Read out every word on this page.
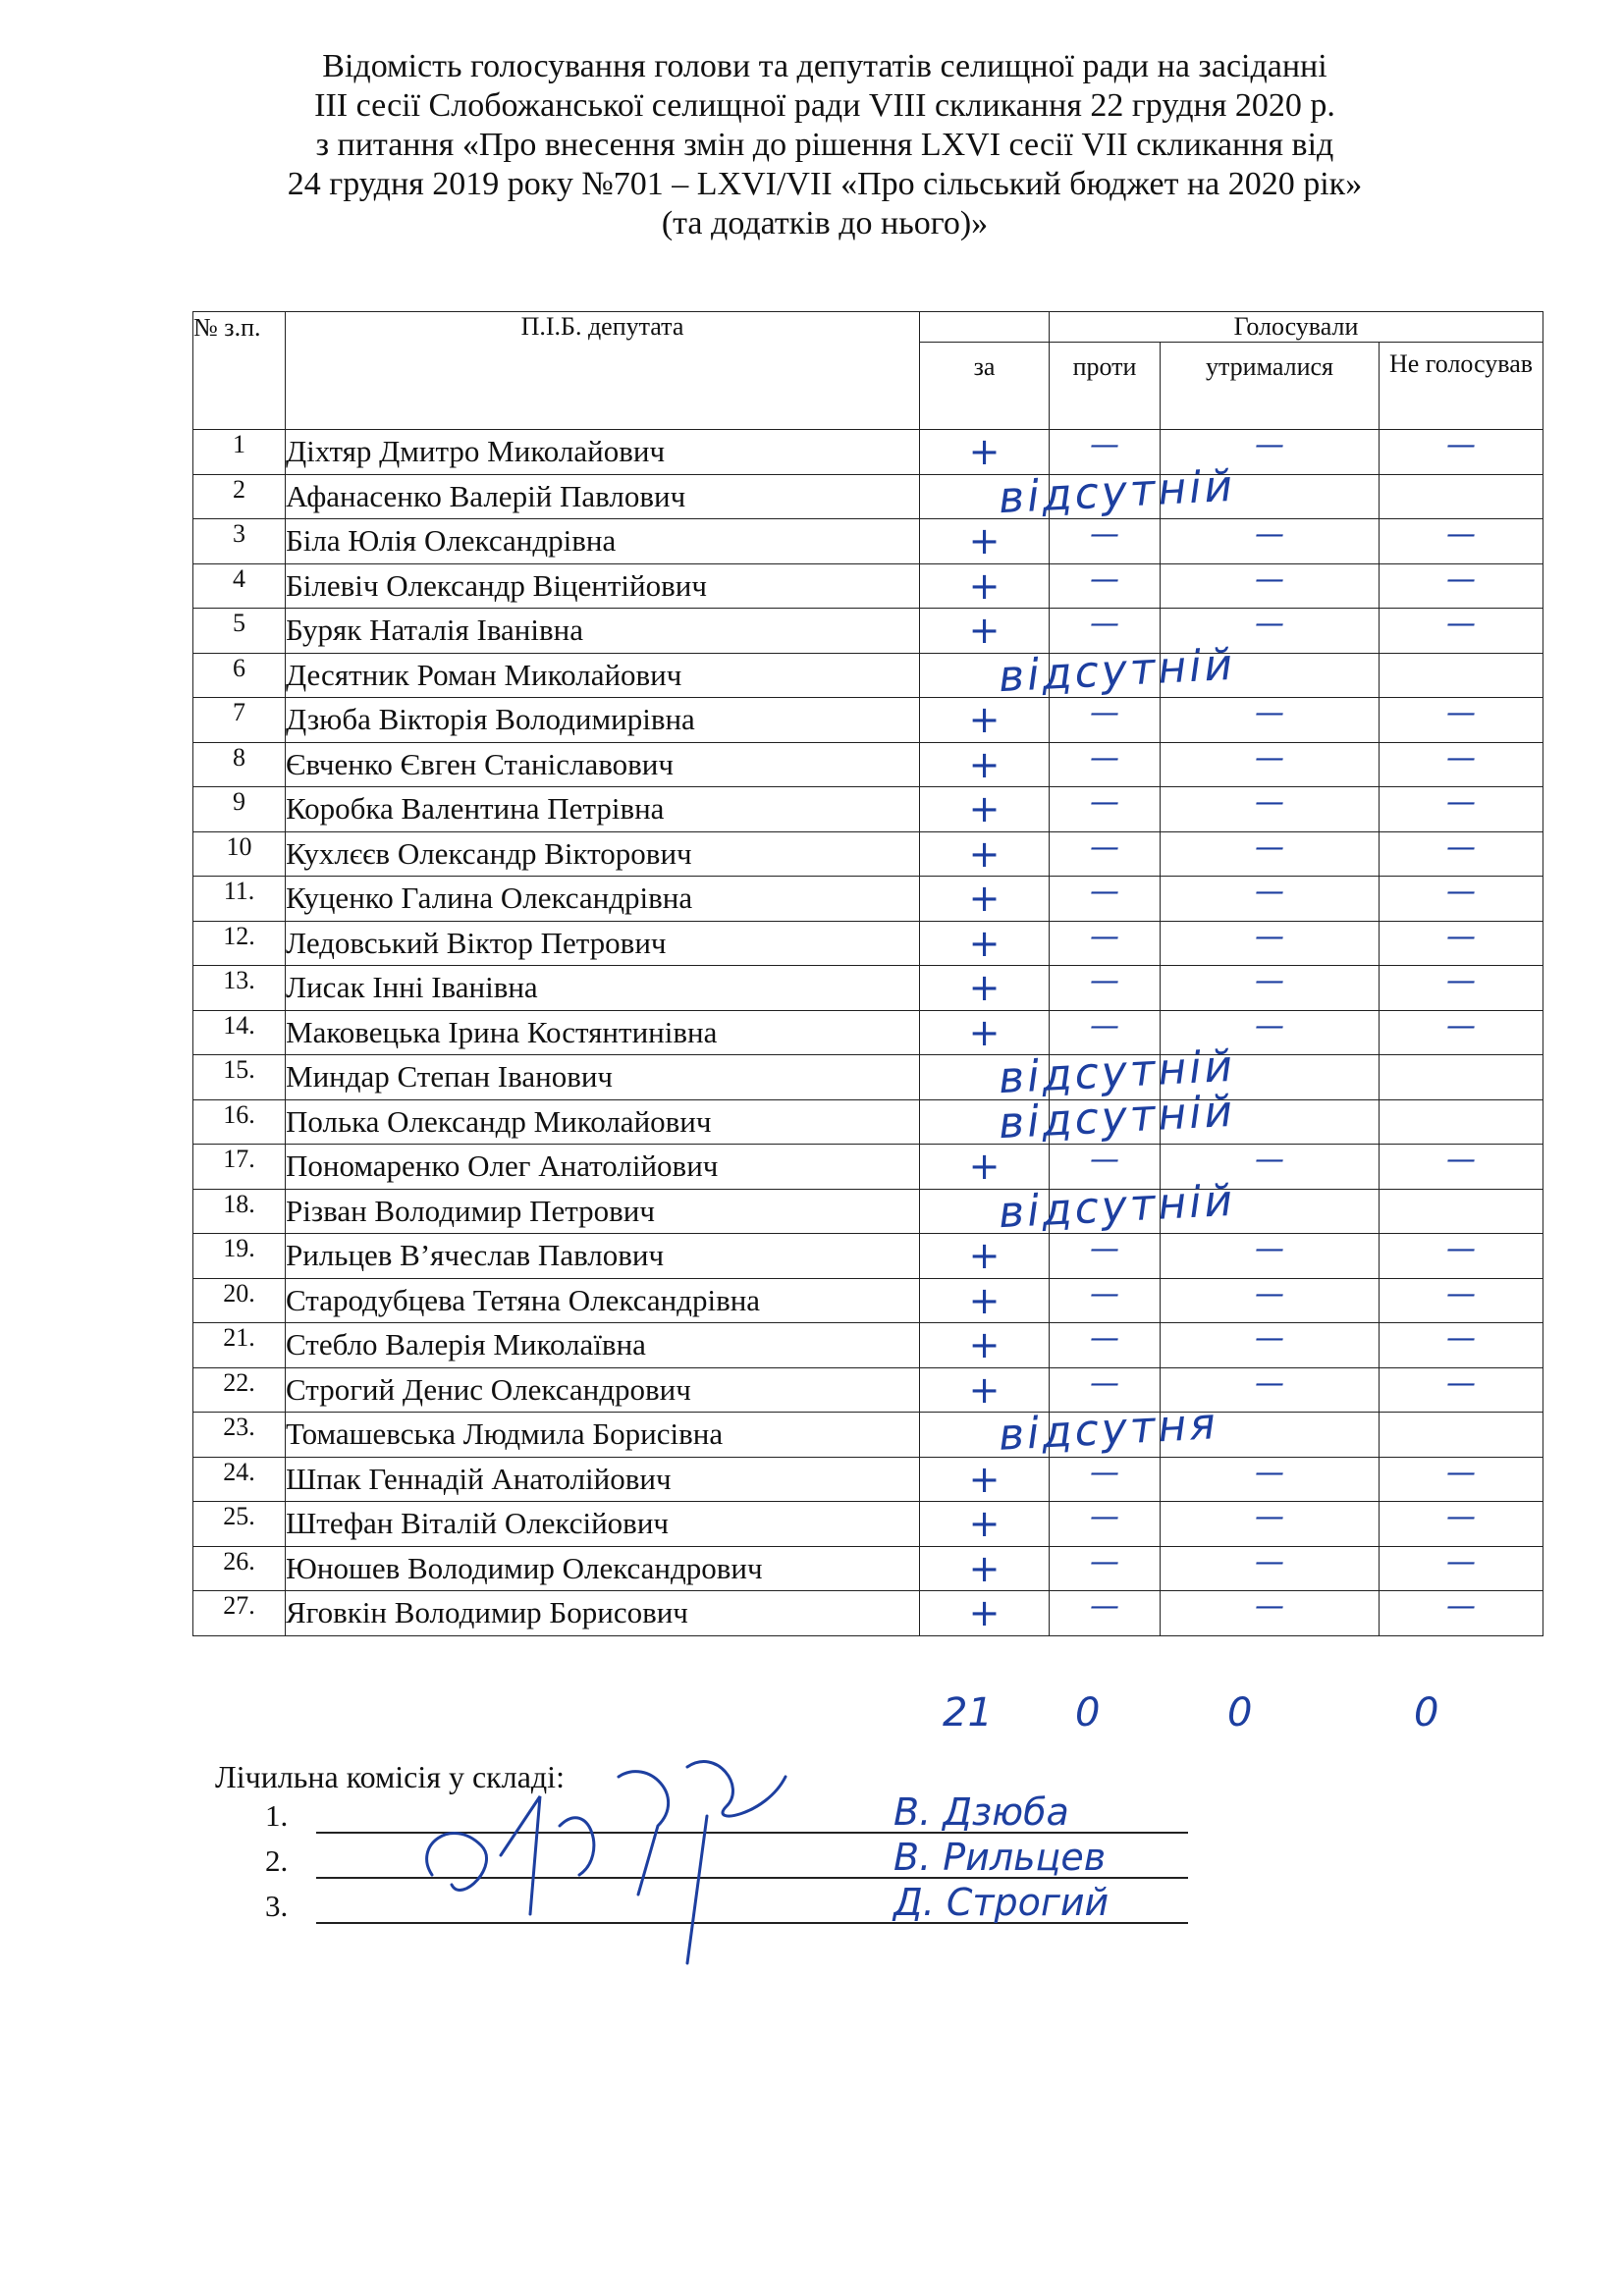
Відомість голосування голови та депутатів селищної ради на засіданні
III сесії Слобожанської селищної ради VIII скликання 22 грудня 2020 р.
з питання «Про внесення змін до рішення LXVI сесії VII скликання від
24 грудня 2019 року №701 – LXVI/VII «Про сільський бюджет на 2020 рік»
(та додатків до нього)»
№ з.п.	П.І.Б. депутата		Голосували		
		за	проти	утрималися	Не голосував
1	Діхтяр Дмитро Миколайович	+	—	—	—
2	Афанасенко Валерій Павлович	відсутній			

3	Біла Юлія Олександрівна	+	—	—	—
4	Білевіч Олександр Віцентійович	+	—	—	—
5	Буряк Наталія Іванівна	+	—	—	—
6	Десятник Роман Миколайович	відсутній			

7	Дзюба Вікторія Володимирівна	+	—	—	—
8	Євченко Євген Станіславович	+	—	—	—
9	Коробка Валентина Петрівна	+	—	—	—
10	Кухлєєв Олександр Вікторович	+	—	—	—
11.	Куценко Галина Олександрівна	+	—	—	—
12.	Ледовський Віктор Петрович	+	—	—	—
13.	Лисак Інні Іванівна	+	—	—	—
14.	Маковецька Ірина Костянтинівна	+	—	—	—
15.	Миндар Степан Іванович	відсутній			

16.	Полька Олександр Миколайович	відсутній			

17.	Пономаренко Олег Анатолійович	+	—	—	—
18.	Різван Володимир Петрович	відсутній			

19.	Рильцев В’ячеслав Павлович	+	—	—	—
20.	Стародубцева Тетяна Олександрівна	+	—	—	—
21.	Стебло Валерія Миколаївна	+	—	—	—
22.	Строгий Денис Олександрович	+	—	—	—
23.	Томашевська Людмила Борисівна	відсутня			

24.	Шпак Геннадій Анатолійович	+	—	—	—
25.	Штефан Віталій Олексійович	+	—	—	—
26.	Юношев Володимир Олександрович	+	—	—	—
27.	Яговкін Володимир Борисович	+	—	—	—
21 0	0	0
Лічильна комісія у складі:
1.	В. Дзюба
2.	В. Рильцев
3.	Д. Строгий
